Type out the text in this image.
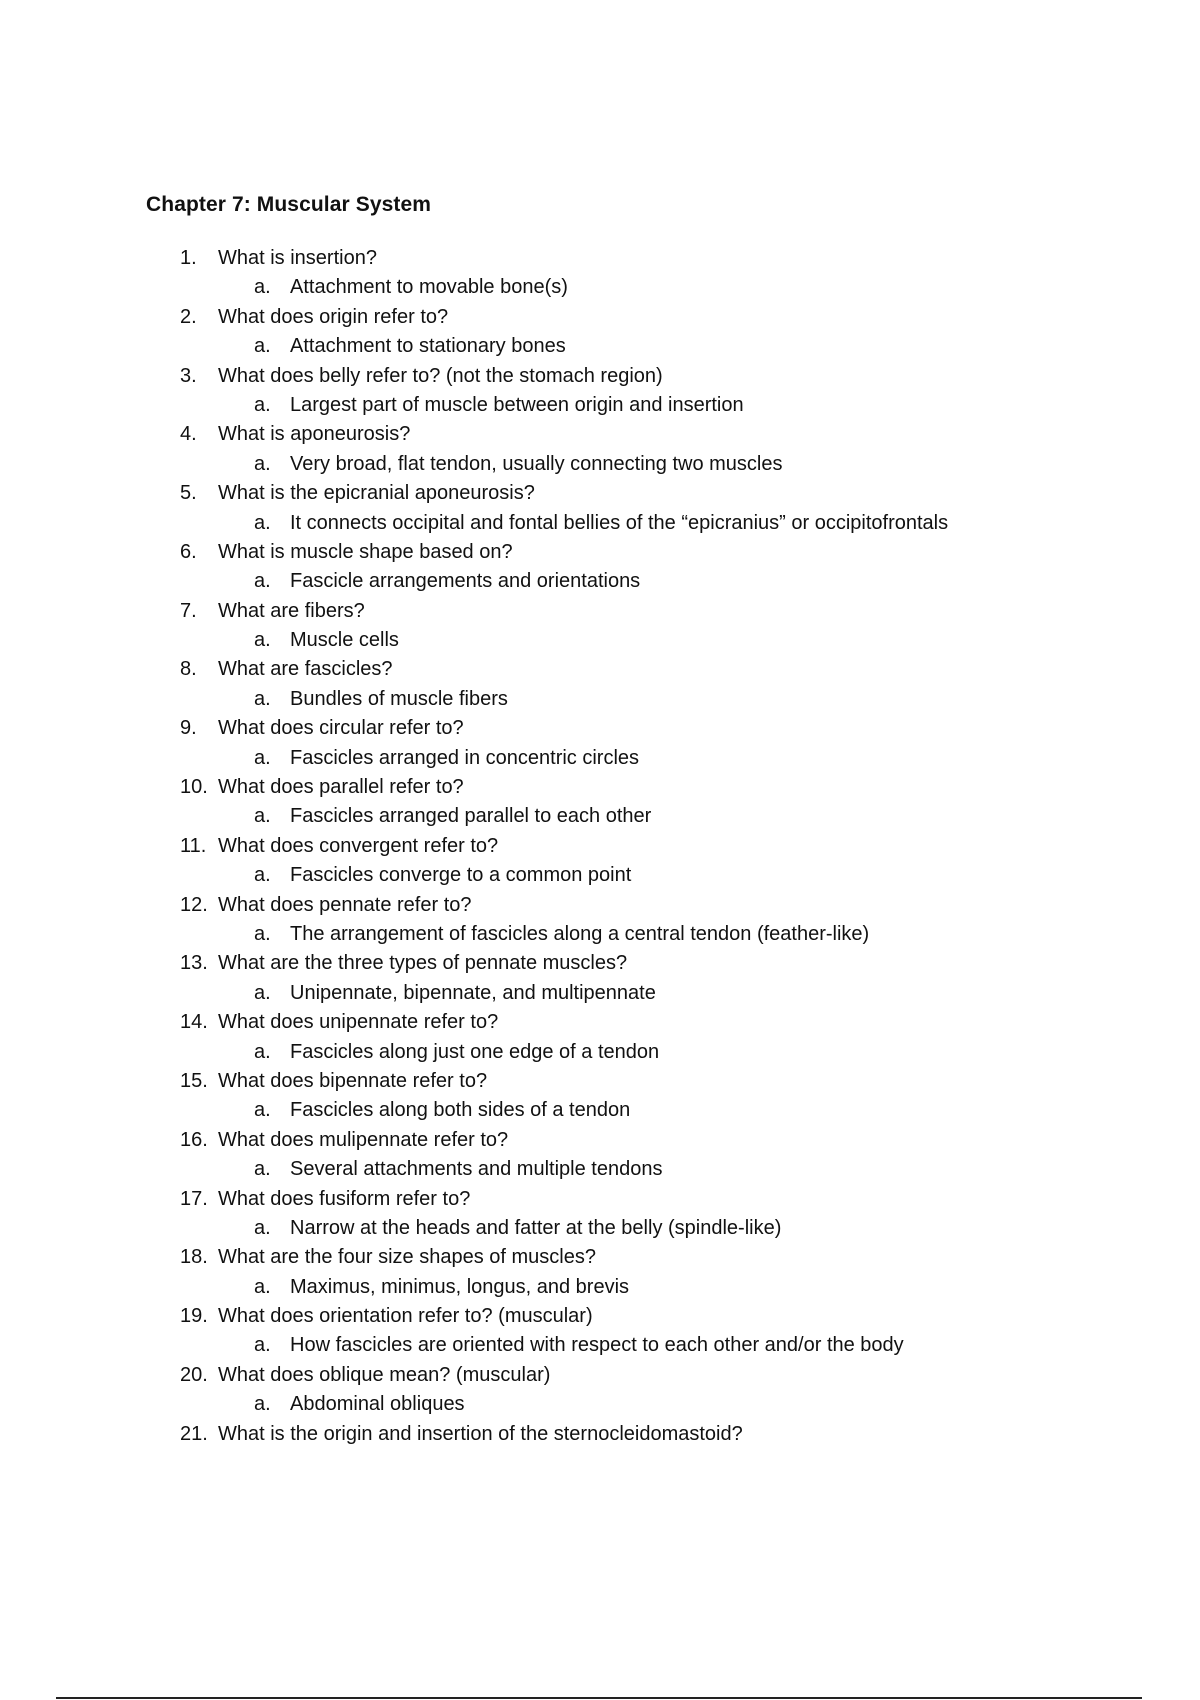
Chapter 7: Muscular System
1.	What is insertion?
a. Attachment to movable bone(s)
2.	What does origin refer to?
a. Attachment to stationary bones
3.	What does belly refer to? (not the stomach region)
a. Largest part of muscle between origin and insertion
4.	What is aponeurosis?
a. Very broad, flat tendon, usually connecting two muscles
5.	What is the epicranial aponeurosis?
a. It connects occipital and fontal bellies of the “epicranius” or occipitofrontals
6.	What is muscle shape based on?
a. Fascicle arrangements and orientations
7.	What are fibers?
a. Muscle cells
8.	What are fascicles?
a. Bundles of muscle fibers
9.	What does circular refer to?
a. Fascicles arranged in concentric circles
10. What does parallel refer to?
a. Fascicles arranged parallel to each other
11. What does convergent refer to?
a. Fascicles converge to a common point
12. What does pennate refer to?
a. The arrangement of fascicles along a central tendon (feather-like)
13. What are the three types of pennate muscles?
a. Unipennate, bipennate, and multipennate
14. What does unipennate refer to?
a. Fascicles along just one edge of a tendon
15. What does bipennate refer to?
a. Fascicles along both sides of a tendon
16. What does mulipennate refer to?
a. Several attachments and multiple tendons
17. What does fusiform refer to?
a. Narrow at the heads and fatter at the belly (spindle-like)
18. What are the four size shapes of muscles?
a. Maximus, minimus, longus, and brevis
19. What does orientation refer to? (muscular)
a. How fascicles are oriented with respect to each other and/or the body
20. What does oblique mean? (muscular)
a. Abdominal obliques
21. What is the origin and insertion of the sternocleidomastoid?
